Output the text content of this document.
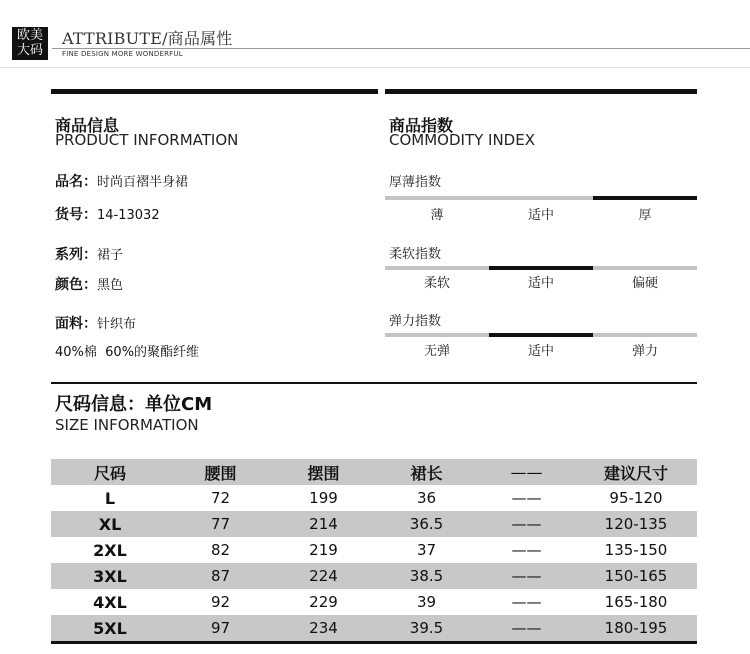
欧美
大码
ATTRIBUTE/商品属性
FINE DESIGN MORE WONDERFUL
商品信息
PRODUCT INFORMATION
品名：时尚百褶半身裙
货号：14-13032
系列：裙子
颜色：黑色
面料：针织布
40%棉  60%的聚酯纤维
商品指数
COMMODITY INDEX
厚薄指数
薄	适中	厚
柔软指数
柔软	适中	偏硬
弹力指数
无弹	适中	弹力
尺码信息：单位CM
SIZE INFORMATION
尺码	腰围	摆围	裙长	——	建议尺寸
L	72	199	36	——	95-120
XL	77	214	36.5	——	120-135
2XL	82	219	37	——	135-150
3XL	87	224	38.5	——	150-165
4XL	92	229	39	——	165-180
5XL	97	234	39.5	——	180-195
